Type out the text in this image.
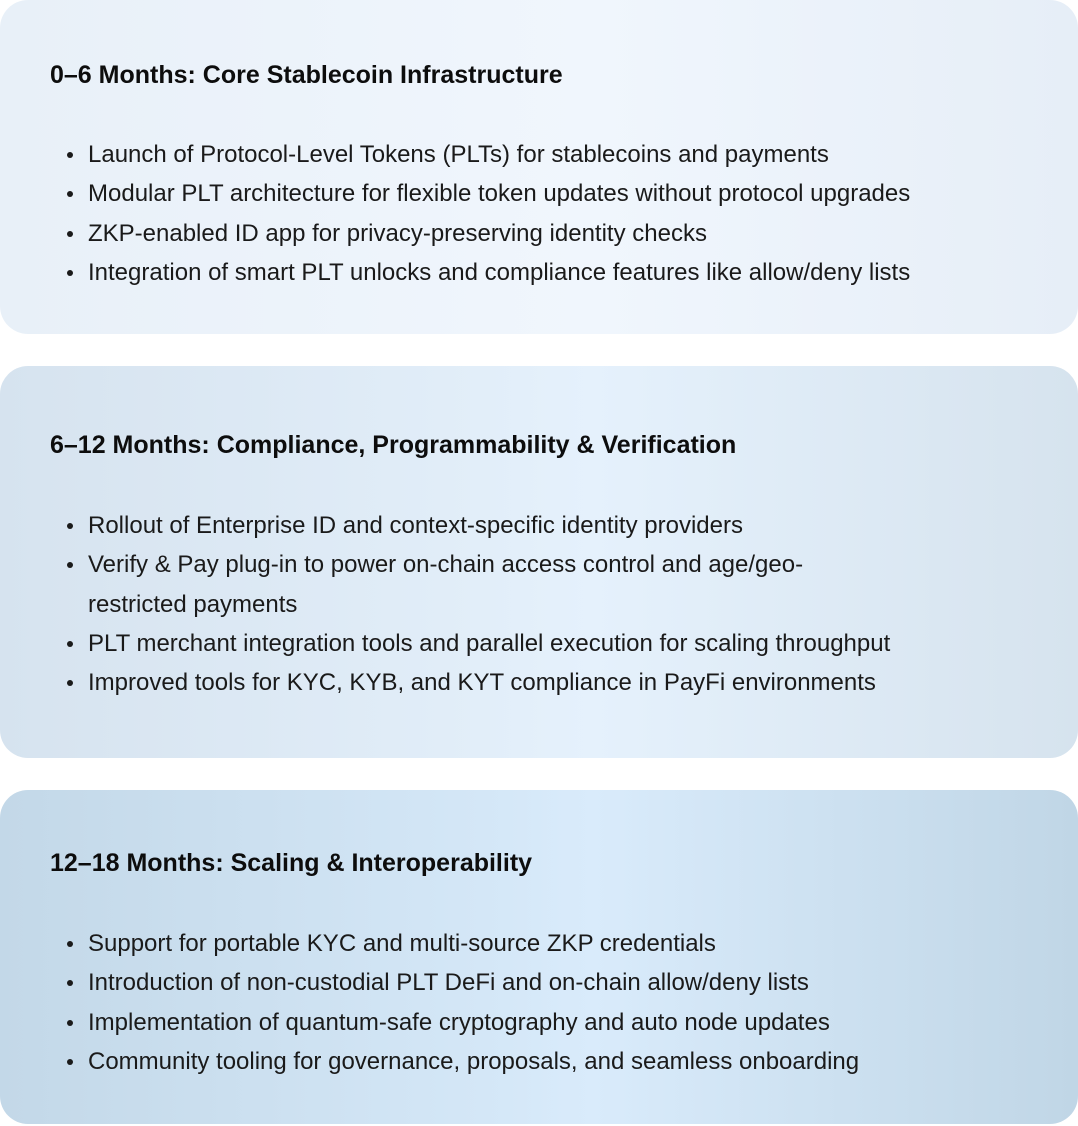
0–6 Months: Core Stablecoin Infrastructure
Launch of Protocol-Level Tokens (PLTs) for stablecoins and payments
Modular PLT architecture for flexible token updates without protocol upgrades
ZKP-enabled ID app for privacy-preserving identity checks
Integration of smart PLT unlocks and compliance features like allow/deny lists
6–12 Months: Compliance, Programmability & Verification
Rollout of Enterprise ID and context-specific identity providers
Verify & Pay plug-in to power on-chain access control and age/geo-restricted payments
PLT merchant integration tools and parallel execution for scaling throughput
Improved tools for KYC, KYB, and KYT compliance in PayFi environments
12–18 Months: Scaling & Interoperability
Support for portable KYC and multi-source ZKP credentials
Introduction of non-custodial PLT DeFi and on-chain allow/deny lists
Implementation of quantum-safe cryptography and auto node updates
Community tooling for governance, proposals, and seamless onboarding
